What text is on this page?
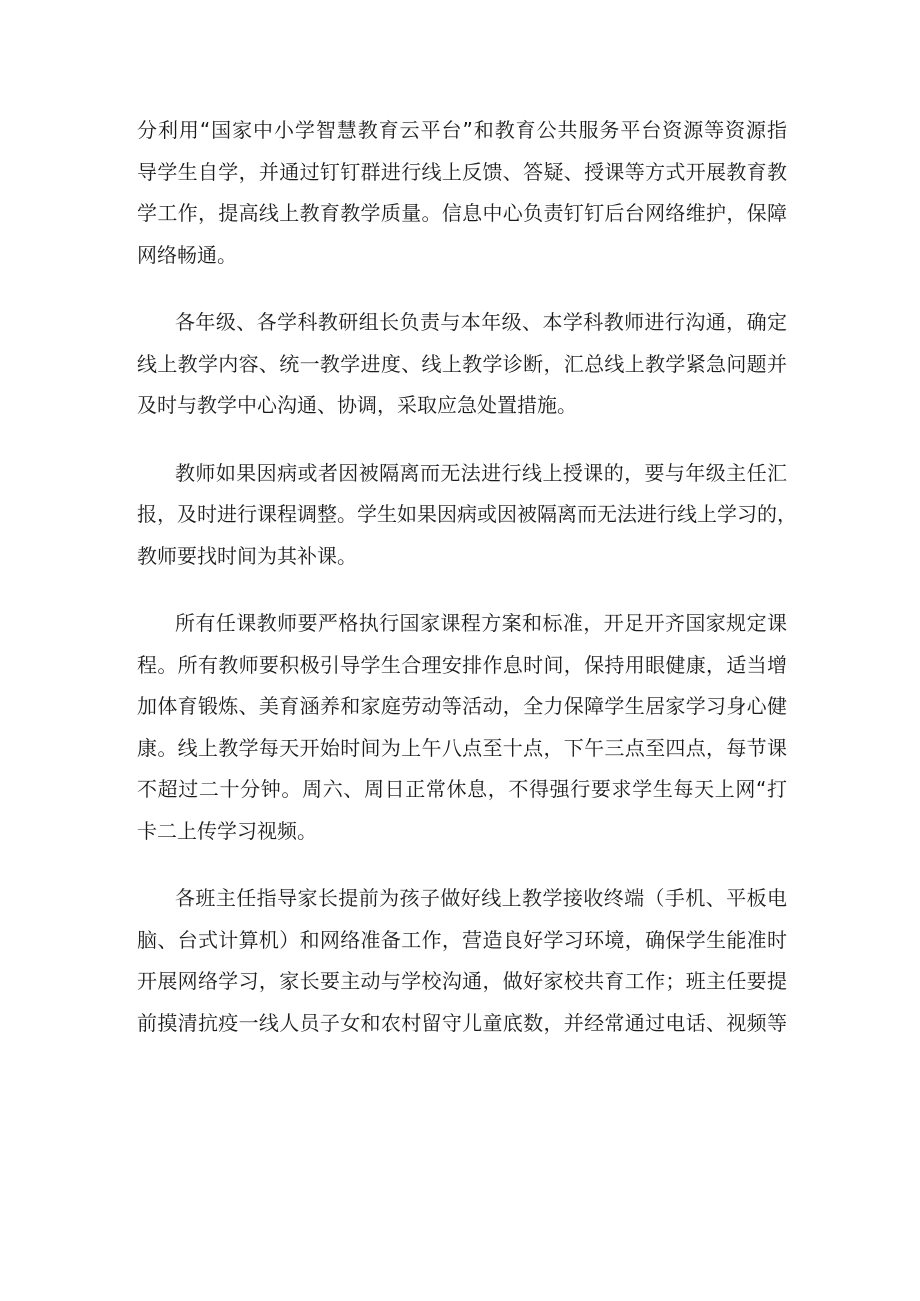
分利用“国家中小学智慧教育云平台”和教育公共服务平台资源等资源指
导学生自学，并通过钉钉群进行线上反馈、答疑、授课等方式开展教育教
学工作，提高线上教育教学质量。信息中心负责钉钉后台网络维护，保障
网络畅通。

各年级、各学科教研组长负责与本年级、本学科教师进行沟通，确定
线上教学内容、统一教学进度、线上教学诊断，汇总线上教学紧急问题并
及时与教学中心沟通、协调，采取应急处置措施。

教师如果因病或者因被隔离而无法进行线上授课的，要与年级主任汇
报，及时进行课程调整。学生如果因病或因被隔离而无法进行线上学习的，
教师要找时间为其补课。

所有任课教师要严格执行国家课程方案和标准，开足开齐国家规定课
程。所有教师要积极引导学生合理安排作息时间，保持用眼健康，适当增
加体育锻炼、美育涵养和家庭劳动等活动，全力保障学生居家学习身心健
康。线上教学每天开始时间为上午八点至十点，下午三点至四点，每节课
不超过二十分钟。周六、周日正常休息，不得强行要求学生每天上网“打
卡二上传学习视频。

各班主任指导家长提前为孩子做好线上教学接收终端（手机、平板电
脑、台式计算机）和网络准备工作，营造良好学习环境，确保学生能准时
开展网络学习，家长要主动与学校沟通，做好家校共育工作；班主任要提
前摸清抗疫一线人员子女和农村留守儿童底数，并经常通过电话、视频等
